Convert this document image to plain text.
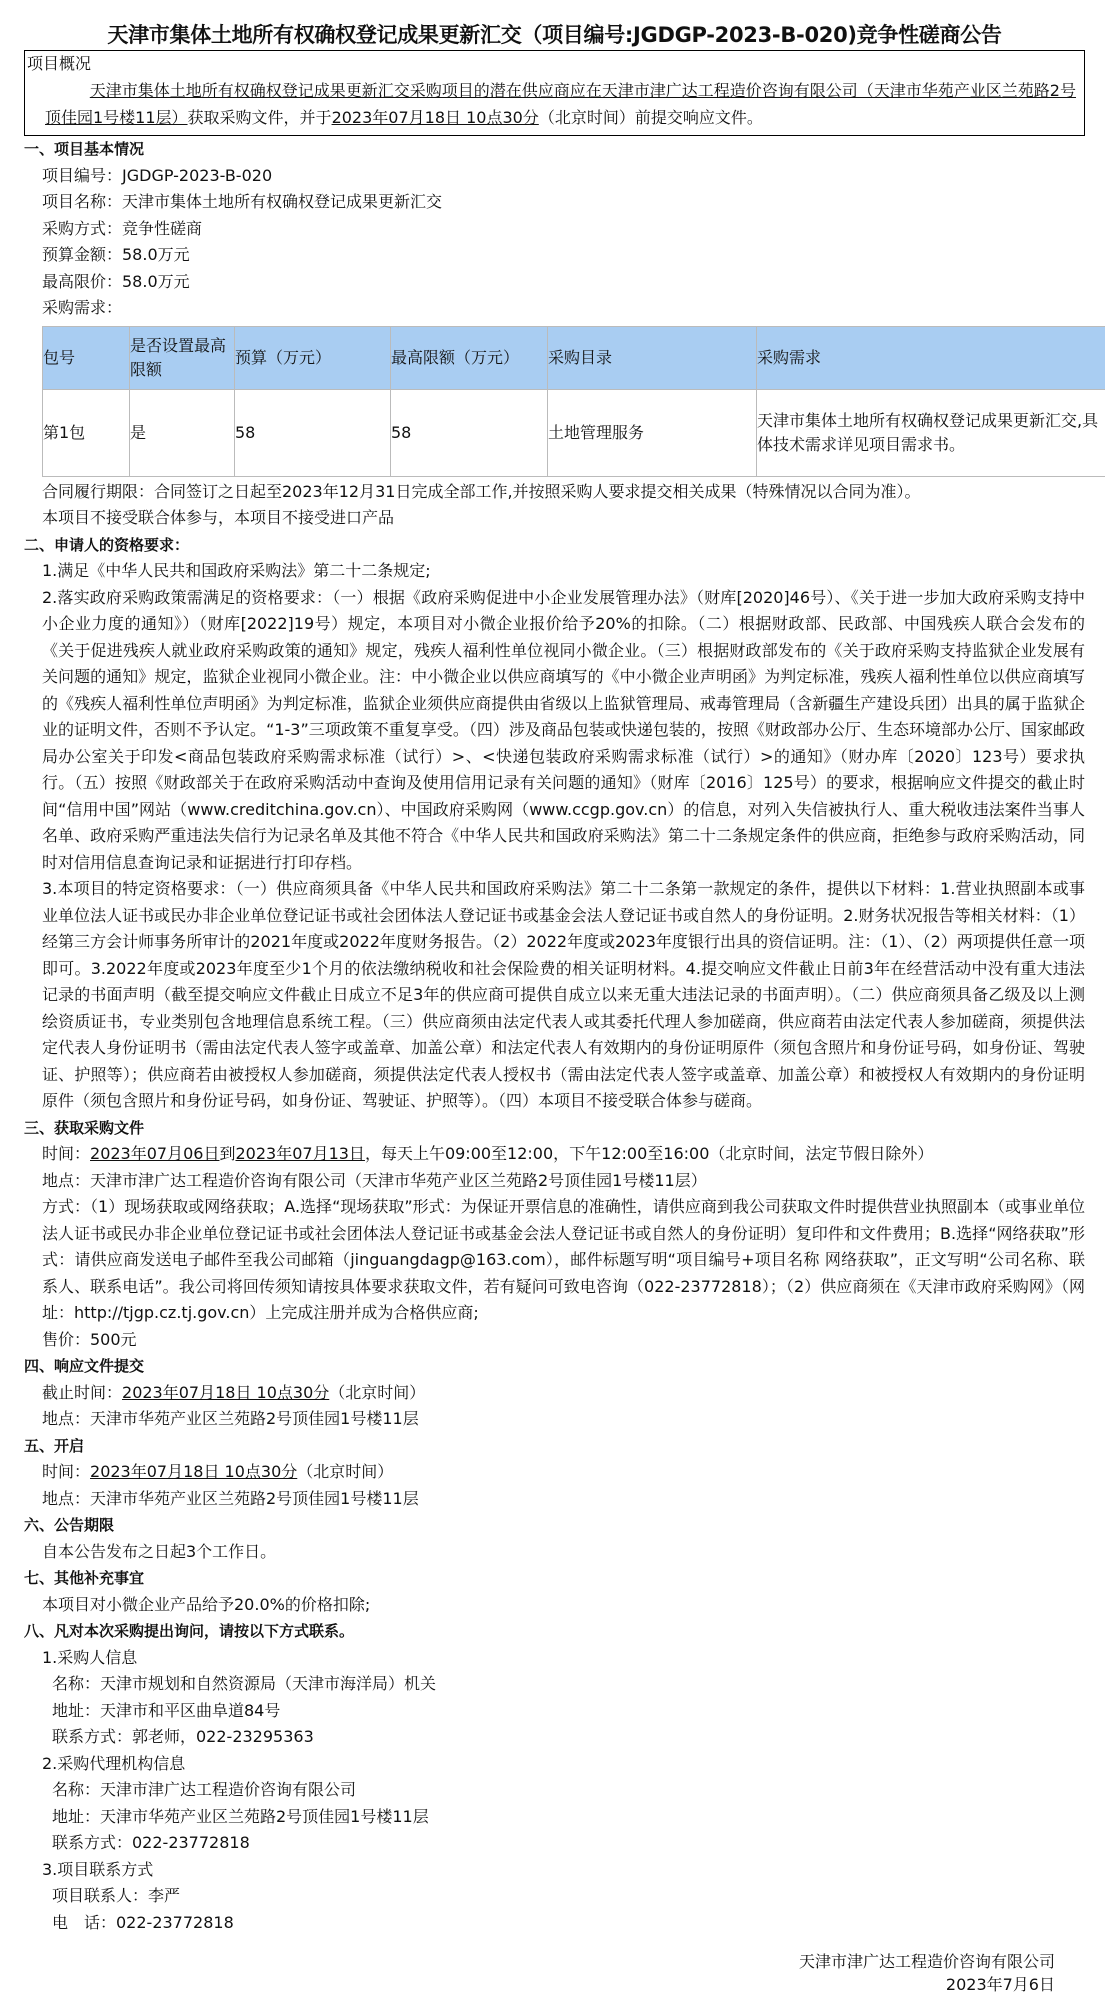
天津市集体土地所有权确权登记成果更新汇交（项目编号:JGDGP-2023-B-020)竞争性磋商公告
项目概况
天津市集体土地所有权确权登记成果更新汇交采购项目的潜在供应商应在天津市津广达工程造价咨询有限公司（天津市华苑产业区兰苑路2号顶佳园1号楼11层）获取采购文件，并于2023年07月18日 10点30分（北京时间）前提交响应文件。
一、项目基本情况
项目编号：JGDGP-2023-B-020
项目名称：天津市集体土地所有权确权登记成果更新汇交
采购方式：竞争性磋商
预算金额：58.0万元
最高限价：58.0万元
采购需求：
包号	是否设置最高限额	预算（万元）	最高限额（万元）	采购目录	采购需求
第1包	是	58	58	土地管理服务	天津市集体土地所有权确权登记成果更新汇交,具体技术需求详见项目需求书。
合同履行期限：合同签订之日起至2023年12月31日完成全部工作,并按照采购人要求提交相关成果（特殊情况以合同为准）。
本项目不接受联合体参与，本项目不接受进口产品
二、申请人的资格要求：
1.满足《中华人民共和国政府采购法》第二十二条规定;
2.落实政府采购政策需满足的资格要求：（一）根据《政府采购促进中小企业发展管理办法》（财库[2020]46号）、《关于进一步加大政府采购支持中小企业力度的通知》）（财库[2022]19号）规定，本项目对小微企业报价给予20%的扣除。（二）根据财政部、民政部、中国残疾人联合会发布的《关于促进残疾人就业政府采购政策的通知》规定，残疾人福利性单位视同小微企业。（三）根据财政部发布的《关于政府采购支持监狱企业发展有关问题的通知》规定，监狱企业视同小微企业。注：中小微企业以供应商填写的《中小微企业声明函》为判定标准，残疾人福利性单位以供应商填写的《残疾人福利性单位声明函》为判定标准，监狱企业须供应商提供由省级以上监狱管理局、戒毒管理局（含新疆生产建设兵团）出具的属于监狱企业的证明文件，否则不予认定。“1-3”三项政策不重复享受。（四）涉及商品包装或快递包装的，按照《财政部办公厅、生态环境部办公厅、国家邮政局办公室关于印发<商品包装政府采购需求标准（试行）>、<快递包装政府采购需求标准（试行）>的通知》（财办库〔2020〕123号）要求执行。（五）按照《财政部关于在政府采购活动中查询及使用信用记录有关问题的通知》（财库〔2016〕125号）的要求，根据响应文件提交的截止时间“信用中国”网站（www.creditchina.gov.cn）、中国政府采购网（www.ccgp.gov.cn）的信息，对列入失信被执行人、重大税收违法案件当事人名单、政府采购严重违法失信行为记录名单及其他不符合《中华人民共和国政府采购法》第二十二条规定条件的供应商，拒绝参与政府采购活动，同时对信用信息查询记录和证据进行打印存档。
3.本项目的特定资格要求：（一）供应商须具备《中华人民共和国政府采购法》第二十二条第一款规定的条件，提供以下材料：1.营业执照副本或事业单位法人证书或民办非企业单位登记证书或社会团体法人登记证书或基金会法人登记证书或自然人的身份证明。2.财务状况报告等相关材料：（1）经第三方会计师事务所审计的2021年度或2022年度财务报告。（2）2022年度或2023年度银行出具的资信证明。注：（1）、（2）两项提供任意一项即可。3.2022年度或2023年度至少1个月的依法缴纳税收和社会保险费的相关证明材料。4.提交响应文件截止日前3年在经营活动中没有重大违法记录的书面声明（截至提交响应文件截止日成立不足3年的供应商可提供自成立以来无重大违法记录的书面声明）。（二）供应商须具备乙级及以上测绘资质证书，专业类别包含地理信息系统工程。（三）供应商须由法定代表人或其委托代理人参加磋商，供应商若由法定代表人参加磋商，须提供法定代表人身份证明书（需由法定代表人签字或盖章、加盖公章）和法定代表人有效期内的身份证明原件（须包含照片和身份证号码，如身份证、驾驶证、护照等）；供应商若由被授权人参加磋商，须提供法定代表人授权书（需由法定代表人签字或盖章、加盖公章）和被授权人有效期内的身份证明原件（须包含照片和身份证号码，如身份证、驾驶证、护照等）。（四）本项目不接受联合体参与磋商。
三、获取采购文件
时间：2023年07月06日到2023年07月13日，每天上午09:00至12:00，下午12:00至16:00（北京时间，法定节假日除外）
地点：天津市津广达工程造价咨询有限公司（天津市华苑产业区兰苑路2号顶佳园1号楼11层）
方式：（1）现场获取或网络获取；A.选择“现场获取”形式：为保证开票信息的准确性，请供应商到我公司获取文件时提供营业执照副本（或事业单位法人证书或民办非企业单位登记证书或社会团体法人登记证书或基金会法人登记证书或自然人的身份证明）复印件和文件费用；B.选择“网络获取”形式：请供应商发送电子邮件至我公司邮箱（jinguangdagp@163.com），邮件标题写明“项目编号+项目名称 网络获取”，正文写明“公司名称、联系人、联系电话”。我公司将回传须知请按具体要求获取文件，若有疑问可致电咨询（022-23772818）；（2）供应商须在《天津市政府采购网》（网址：http://tjgp.cz.tj.gov.cn）上完成注册并成为合格供应商;
售价：500元
四、响应文件提交
截止时间：2023年07月18日 10点30分（北京时间）
地点：天津市华苑产业区兰苑路2号顶佳园1号楼11层
五、开启
时间：2023年07月18日 10点30分（北京时间）
地点：天津市华苑产业区兰苑路2号顶佳园1号楼11层
六、公告期限
自本公告发布之日起3个工作日。
七、其他补充事宜
本项目对小微企业产品给予20.0%的价格扣除;
八、凡对本次采购提出询问，请按以下方式联系。
1.采购人信息
名称：天津市规划和自然资源局（天津市海洋局）机关
地址：天津市和平区曲阜道84号
联系方式：郭老师，022-23295363
2.采购代理机构信息
名称：天津市津广达工程造价咨询有限公司
地址：天津市华苑产业区兰苑路2号顶佳园1号楼11层
联系方式：022-23772818
3.项目联系方式
项目联系人：李严
电　话：022-23772818
天津市津广达工程造价咨询有限公司
2023年7月6日
